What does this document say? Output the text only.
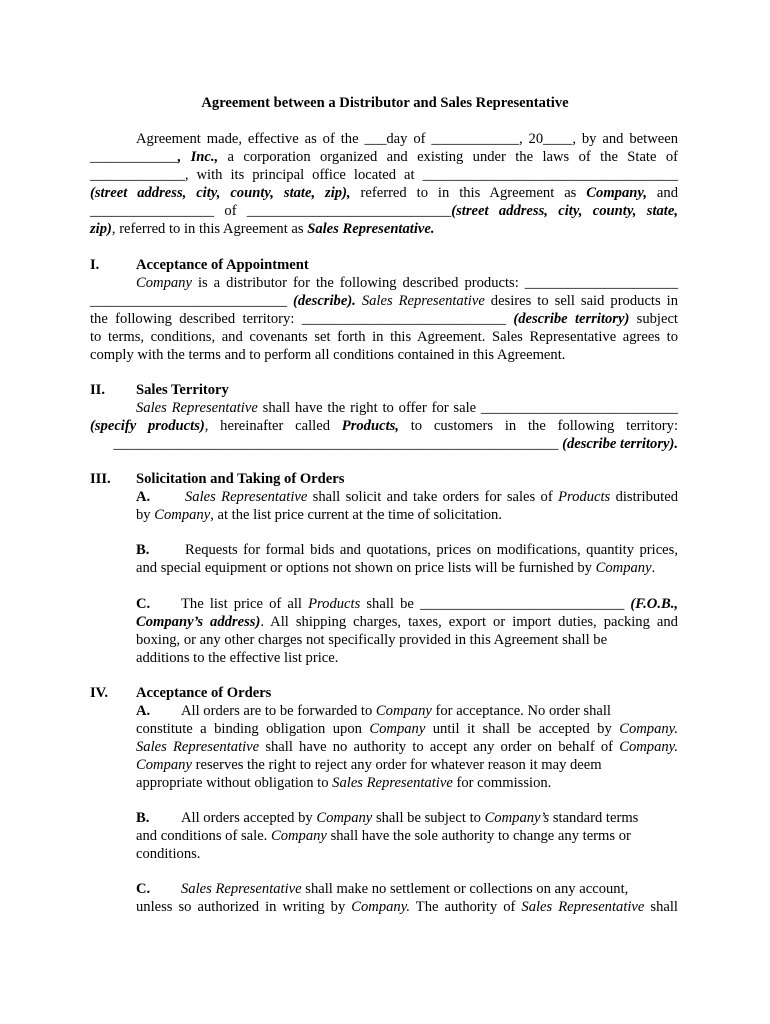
Agreement between a Distributor and Sales Representative
Agreement made, effective as of the ___day of ____________, 20____, by and between
____________, Inc., a corporation organized and existing under the laws of the State of
_____________, with its principal office located at ___________________________________
(street address, city, county, state, zip), referred to in this Agreement as Company, and
_________________ of ____________________________(street address, city, county, state,
zip), referred to in this Agreement as Sales Representative.
I.	Acceptance of Appointment
Company is a distributor for the following described products: _____________________
___________________________ (describe). Sales Representative desires to sell said products in
the following described territory: ____________________________ (describe territory) subject
to terms, conditions, and covenants set forth in this Agreement. Sales Representative agrees to
comply with the terms and to perform all conditions contained in this Agreement.
II. Sales Territory
Sales Representative shall have the right to offer for sale ___________________________
(specify products), hereinafter called Products, to customers in the following territory:
_____________________________________________________________ (describe territory).
III. Solicitation and Taking of Orders
A. Sales Representative shall solicit and take orders for sales of Products distributed
by Company, at the list price current at the time of solicitation.
B. Requests for formal bids and quotations, prices on modifications, quantity prices,
and special equipment or options not shown on price lists will be furnished by Company.
C. The list price of all Products shall be ____________________________ (F.O.B.,
Company’s address). All shipping charges, taxes, export or import duties, packing and
boxing, or any other charges not specifically provided in this Agreement shall be
additions to the effective list price.
IV. Acceptance of Orders
A. All orders are to be forwarded to Company for acceptance. No order shall
constitute a binding obligation upon Company until it shall be accepted by Company.
Sales Representative shall have no authority to accept any order on behalf of Company.
Company reserves the right to reject any order for whatever reason it may deem
appropriate without obligation to Sales Representative for commission.
B. All orders accepted by Company shall be subject to Company’s standard terms
and conditions of sale. Company shall have the sole authority to change any terms or
conditions.
C. Sales Representative shall make no settlement or collections on any account,
unless so authorized in writing by Company. The authority of Sales Representative shall
